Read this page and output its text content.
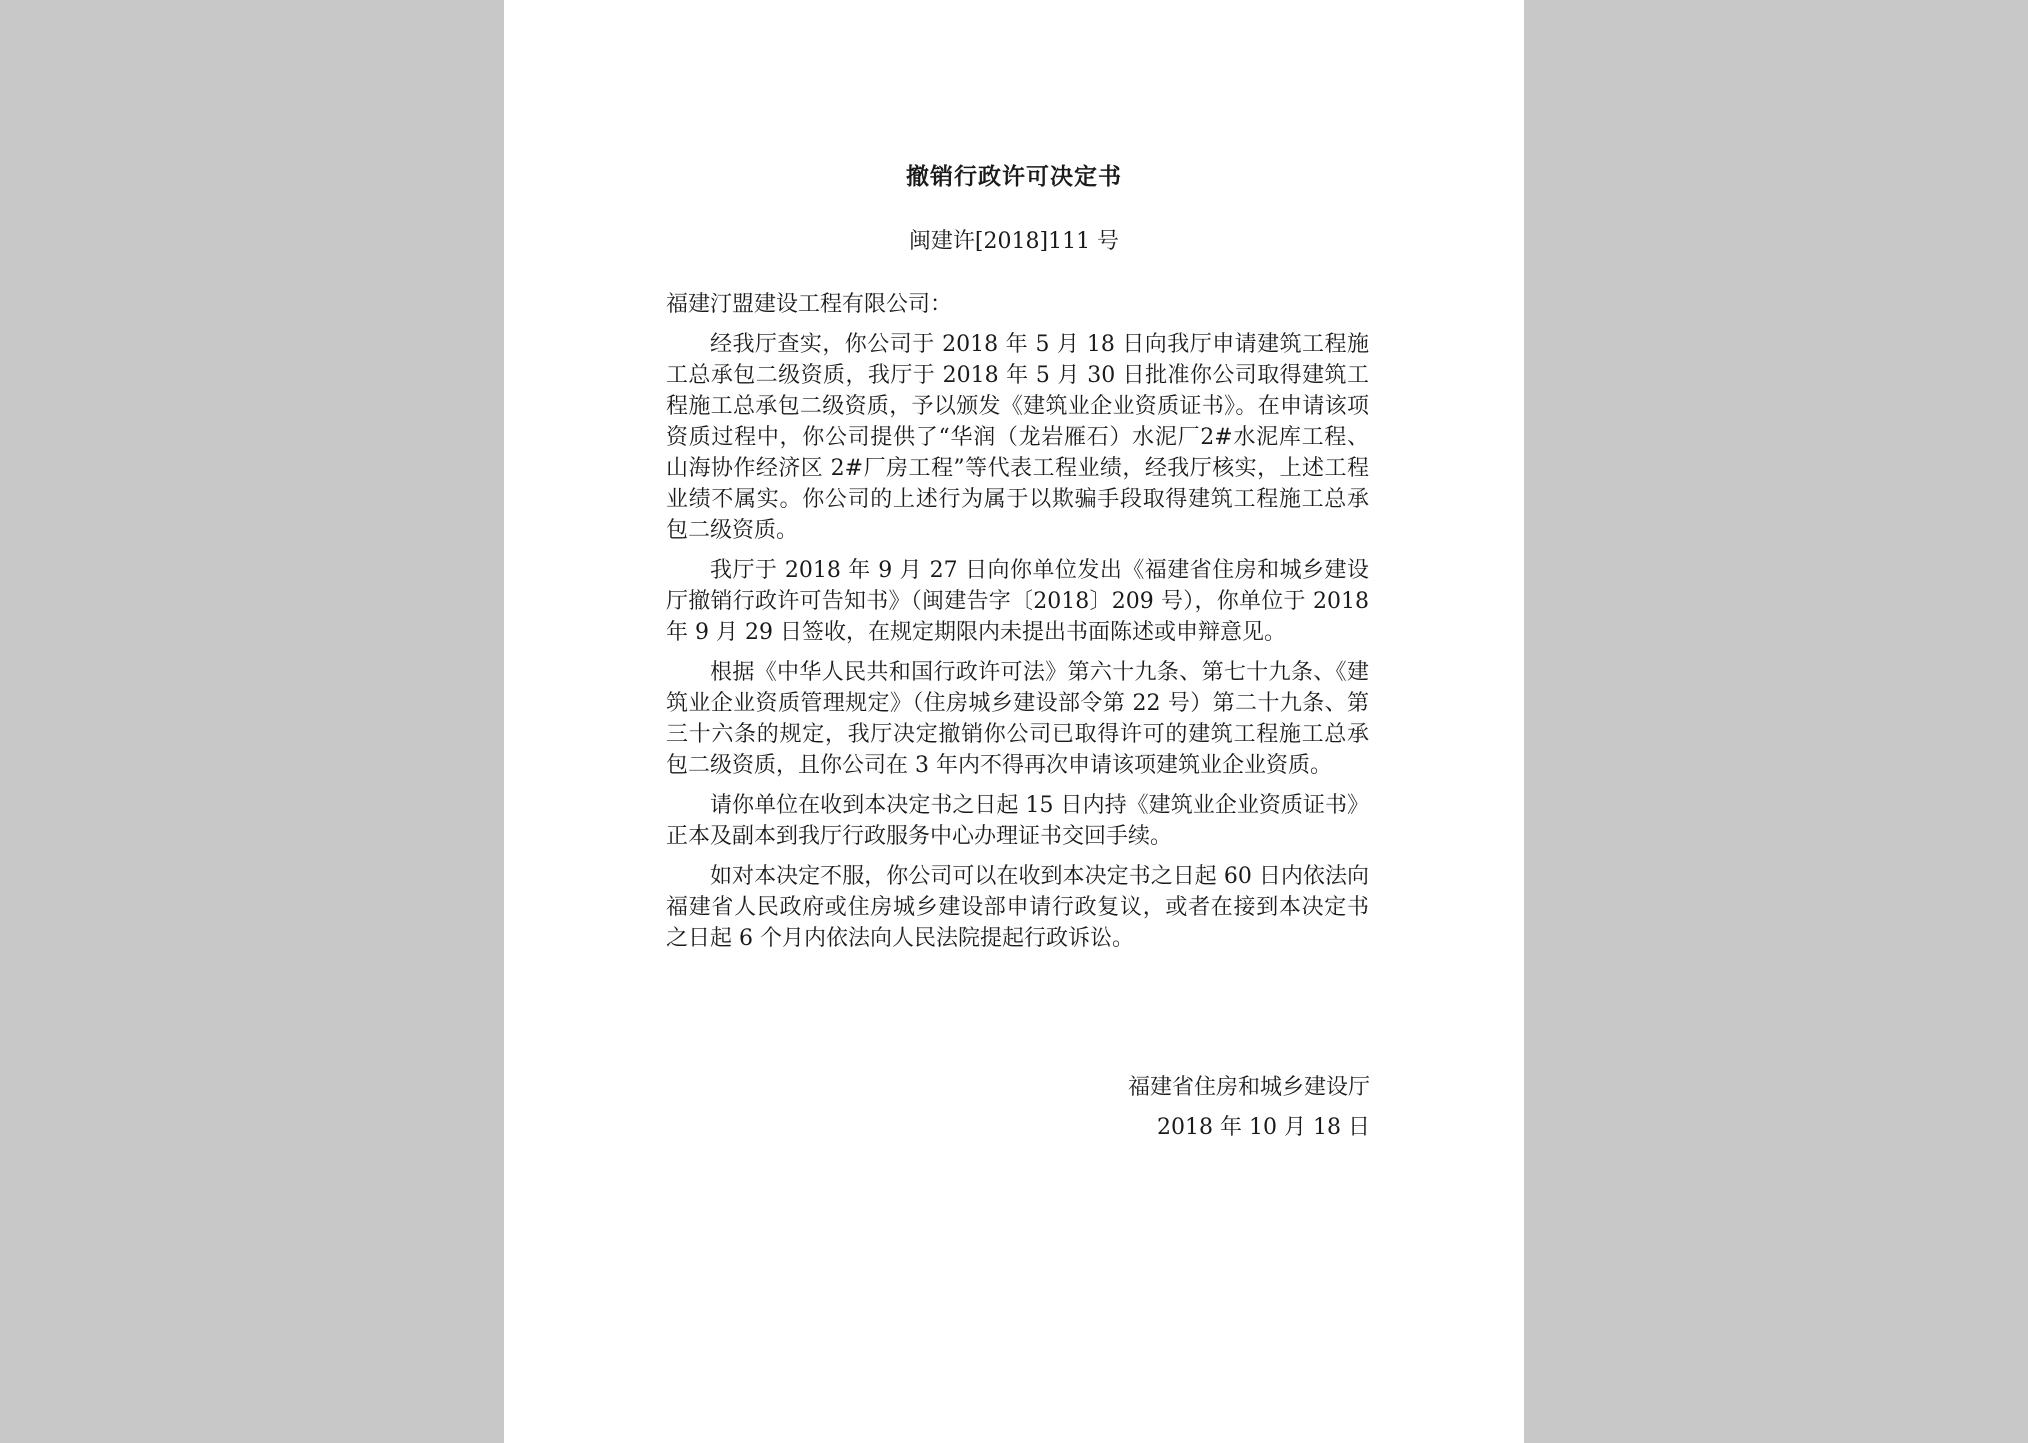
撤销行政许可决定书
闽建许[2018]111 号

福建汀盟建设工程有限公司：

经我厅查实，你公司于 2018 年 5 月 18 日向我厅申请建筑工程施工总承包二级资质，我厅于 2018 年 5 月 30 日批准你公司取得建筑工程施工总承包二级资质，予以颁发《建筑业企业资质证书》。在申请该项资质过程中，你公司提供了“华润（龙岩雁石）水泥厂2#水泥库工程、山海协作经济区 2#厂房工程”等代表工程业绩，经我厅核实，上述工程业绩不属实。你公司的上述行为属于以欺骗手段取得建筑工程施工总承包二级资质。

我厅于 2018 年 9 月 27 日向你单位发出《福建省住房和城乡建设厅撤销行政许可告知书》（闽建告字〔2018〕209 号），你单位于 2018 年 9 月 29 日签收，在规定期限内未提出书面陈述或申辩意见。

根据《中华人民共和国行政许可法》第六十九条、第七十九条、《建筑业企业资质管理规定》（住房城乡建设部令第 22 号）第二十九条、第三十六条的规定，我厅决定撤销你公司已取得许可的建筑工程施工总承包二级资质，且你公司在 3 年内不得再次申请该项建筑业企业资质。

请你单位在收到本决定书之日起 15 日内持《建筑业企业资质证书》正本及副本到我厅行政服务中心办理证书交回手续。

如对本决定不服，你公司可以在收到本决定书之日起 60 日内依法向福建省人民政府或住房城乡建设部申请行政复议，或者在接到本决定书之日起 6 个月内依法向人民法院提起行政诉讼。

福建省住房和城乡建设厅
2018 年 10 月 18 日
